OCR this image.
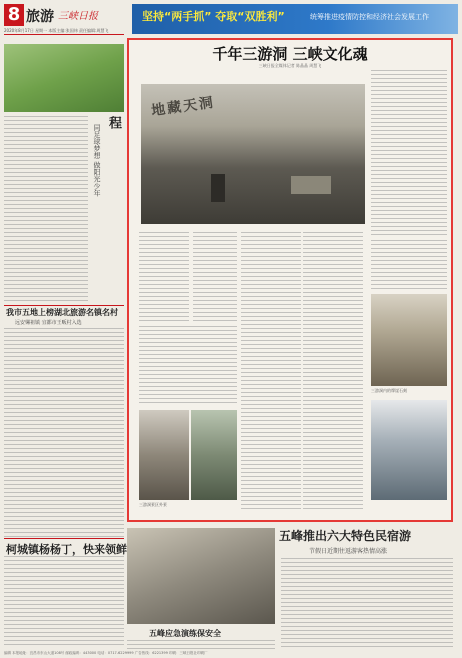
8 旅游 三峡日报
2020年8月17日 星期一 本版主编:张国炜 责任编辑:周慧飞
坚持“两手抓” 夺取“双胜利”	统筹推进疫情防控和经济社会发展工作
程
同足球梦想 做阳光少年
我市五地上榜湖北旅游名镇名村
远安嫘祖镇 宜都市王畈村入选
柯城镇杨杨丁，快来领鲜
千年三游洞 三峡文化魂
三峡日报全媒体记者 陈晶晶 周慧飞
地藏天洞
三游洞景区外景
三游洞内的摩崖石刻
五峰推出六大特色民宿游
节假日近期往返游客热情高涨
五峰应急演练保安全
编辑 本报地址：宜昌市东山大道108号 邮政编码：443000 电话：0717-6229999 广告热线：6221399 印刷：三峡日报社印刷厂
